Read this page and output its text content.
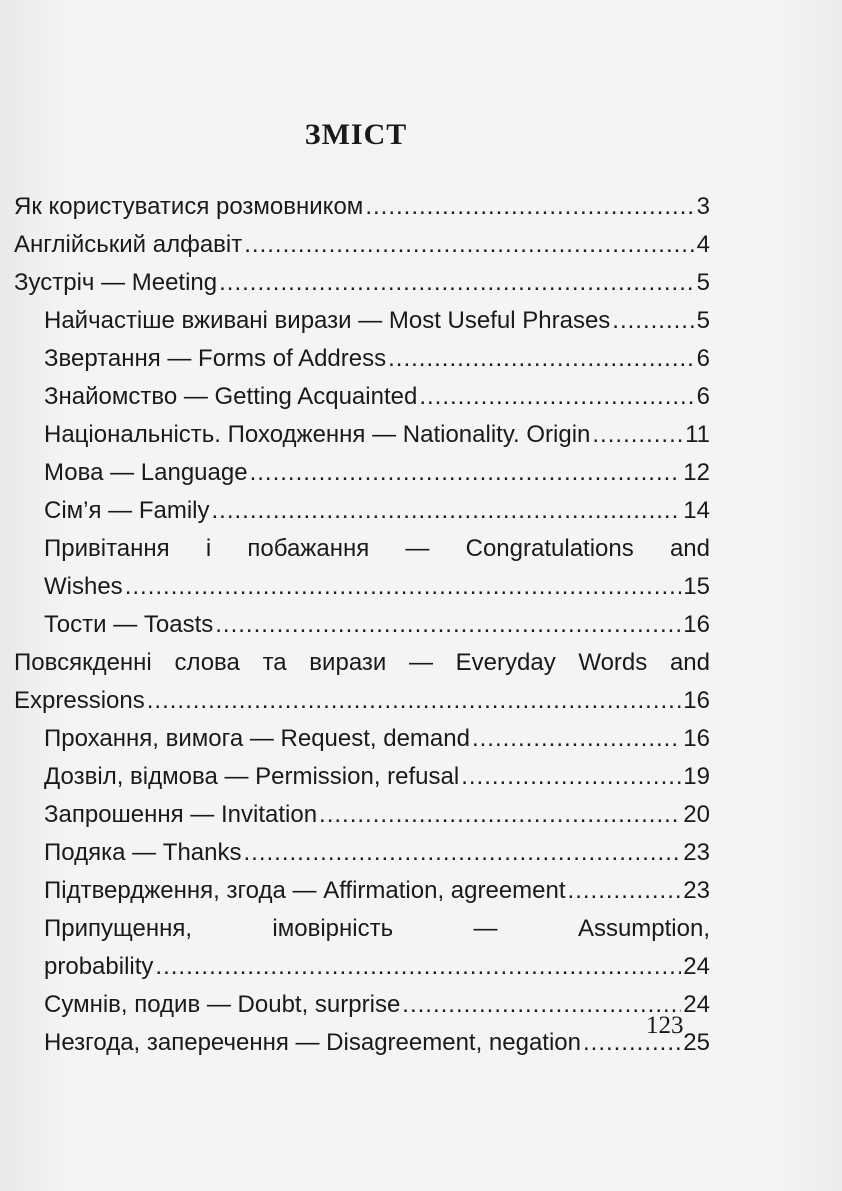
ЗМІСТ
Як користуватися розмовником .....	3
Англійський алфавіт .....	4
Зустріч — Meeting .....	5
Найчастіше вживані вирази — Most Useful Phrases .....	5
Звертання — Forms of Address .....	6
Знайомство — Getting Acquainted .....	6
Національність. Походження — Nationality. Origin .....	11
Мова — Language .....	12
Сім’я — Family .....	14
Привітання і побажання — Congratulations and
Wishes .....	15
Тости — Toasts .....	16
Повсякденні слова та вирази — Everyday Words and
Expressions .....	16
Прохання, вимога — Request, demand .....	16
Дозвіл, відмова — Permission, refusal .....	19
Запрошення — Invitation .....	20
Подяка — Thanks .....	23
Підтвердження, згода — Affirmation, agreement .....	23
Припущення, імовірність — Assumption,
probability .....	24
Сумнів, подив — Doubt, surprise .....	24
Незгода, заперечення — Disagreement, negation .....	25
123
